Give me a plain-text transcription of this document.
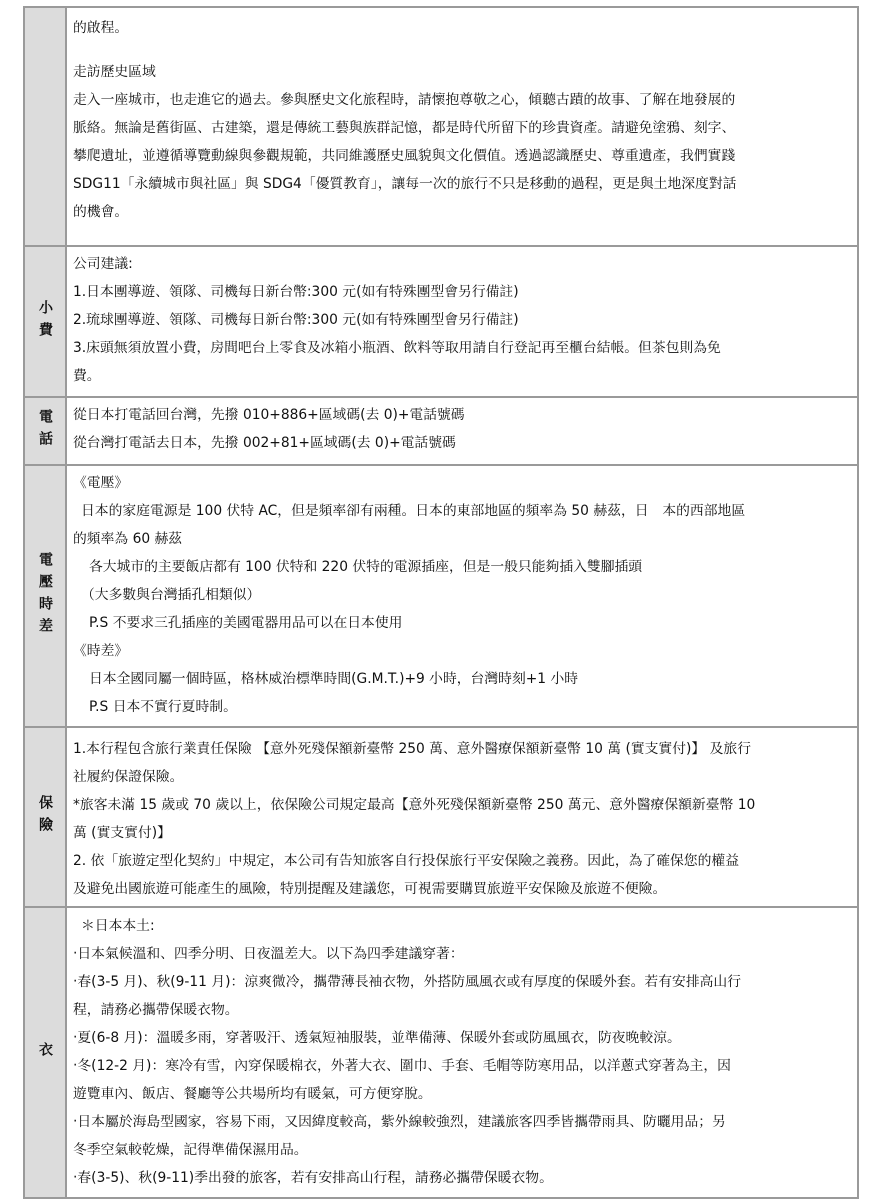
的啟程。
走訪歷史區域
走入一座城市，也走進它的過去。參與歷史文化旅程時，請懷抱尊敬之心，傾聽古蹟的故事、了解在地發展的
脈絡。無論是舊街區、古建築，還是傳統工藝與族群記憶，都是時代所留下的珍貴資產。請避免塗鴉、刻字、
攀爬遺址，並遵循導覽動線與參觀規範，共同維護歷史風貌與文化價值。透過認識歷史、尊重遺產，我們實踐
SDG11「永續城市與社區」與 SDG4「優質教育」，讓每一次的旅行不只是移動的過程，更是與土地深度對話
的機會。
小費
公司建議:
1.日本團導遊、領隊、司機每日新台幣:300 元(如有特殊團型會另行備註)
2.琉球團導遊、領隊、司機每日新台幣:300 元(如有特殊團型會另行備註)
3.床頭無須放置小費，房間吧台上零食及冰箱小瓶酒、飲料等取用請自行登記再至櫃台結帳。但茶包則為免
費。
電話 從日本打電話回台灣，先撥 010+886+區域碼(去 0)+電話號碼
從台灣打電話去日本，先撥 002+81+區域碼(去 0)+電話號碼
電壓時差
《電壓》
日本的家庭電源是 100 伏特 AC，但是頻率卻有兩種。日本的東部地區的頻率為 50 赫茲，日　本的西部地區
的頻率為 60 赫茲
各大城市的主要飯店都有 100 伏特和 220 伏特的電源插座，但是一般只能夠插入雙腳插頭
（大多數與台灣插孔相類似）
P.S 不要求三孔插座的美國電器用品可以在日本使用
《時差》
日本全國同屬一個時區，格林威治標準時間(G.M.T.)+9 小時，台灣時刻+1 小時
P.S 日本不實行夏時制。
保險
1.本行程包含旅行業責任保險 【意外死殘保額新臺幣 250 萬、意外醫療保額新臺幣 10 萬 (實支實付)】 及旅行
社履約保證保險。
*旅客未滿 15 歲或 70 歲以上，依保險公司規定最高【意外死殘保額新臺幣 250 萬元、意外醫療保額新臺幣 10
萬 (實支實付)】
2. 依「旅遊定型化契約」中規定，本公司有告知旅客自行投保旅行平安保險之義務。因此，為了確保您的權益
及避免出國旅遊可能產生的風險，特別提醒及建議您，可視需要購買旅遊平安保險及旅遊不便險。
衣
＊日本本土:
‧日本氣候溫和、四季分明、日夜溫差大。以下為四季建議穿著：
‧春(3-5 月)、秋(9-11 月)：涼爽微冷，攜帶薄長袖衣物，外搭防風風衣或有厚度的保暖外套。若有安排高山行
程，請務必攜帶保暖衣物。
‧夏(6-8 月)：溫暖多雨，穿著吸汗、透氣短袖服裝，並準備薄、保暖外套或防風風衣，防夜晚較涼。
‧冬(12-2 月)：寒冷有雪，內穿保暖棉衣，外著大衣、圍巾、手套、毛帽等防寒用品，以洋蔥式穿著為主，因
遊覽車內、飯店、餐廳等公共場所均有暖氣，可方便穿脫。
‧日本屬於海島型國家，容易下雨，又因緯度較高，紫外線較強烈，建議旅客四季皆攜帶雨具、防曬用品；另
冬季空氣較乾燥，記得準備保濕用品。
‧春(3-5)、秋(9-11)季出發的旅客，若有安排高山行程，請務必攜帶保暖衣物。
